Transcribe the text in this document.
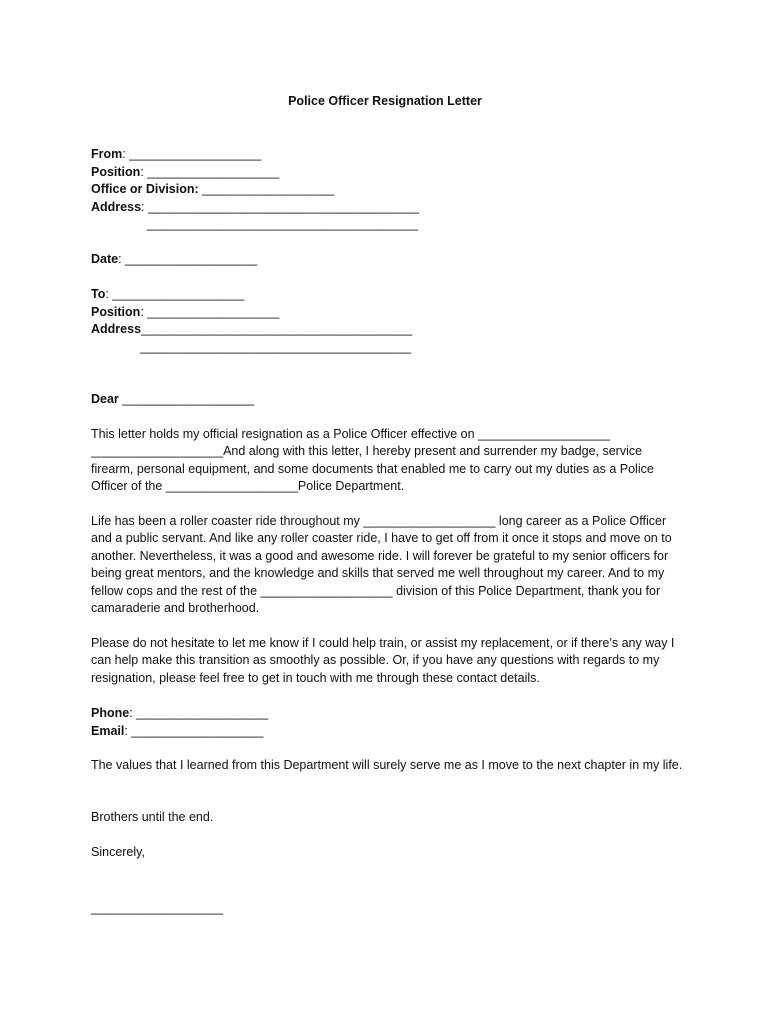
Police Officer Resignation Letter

From: ___________________

Position: ___________________

Office or Division: ___________________

Address: _______________________________________

_______________________________________

Date: ___________________

To: ___________________

Position: ___________________

Address_______________________________________

_______________________________________

Dear ___________________

This letter holds my official resignation as a Police Officer effective on ___________________ ___________________And along with this letter, I hereby present and surrender my badge, service firearm, personal equipment, and some documents that enabled me to carry out my duties as a Police Officer of the ___________________Police Department.

Life has been a roller coaster ride throughout my ___________________ long career as a Police Officer and a public servant. And like any roller coaster ride, I have to get off from it once it stops and move on to another. Nevertheless, it was a good and awesome ride. I will forever be grateful to my senior officers for being great mentors, and the knowledge and skills that served me well throughout my career. And to my fellow cops and the rest of the ___________________ division of this Police Department, thank you for camaraderie and brotherhood.

Please do not hesitate to let me know if I could help train, or assist my replacement, or if there’s any way I can help make this transition as smoothly as possible. Or, if you have any questions with regards to my resignation, please feel free to get in touch with me through these contact details.

Phone: ___________________

Email: ___________________

The values that I learned from this Department will surely serve me as I move to the next chapter in my life.

Brothers until the end.

Sincerely,

___________________
